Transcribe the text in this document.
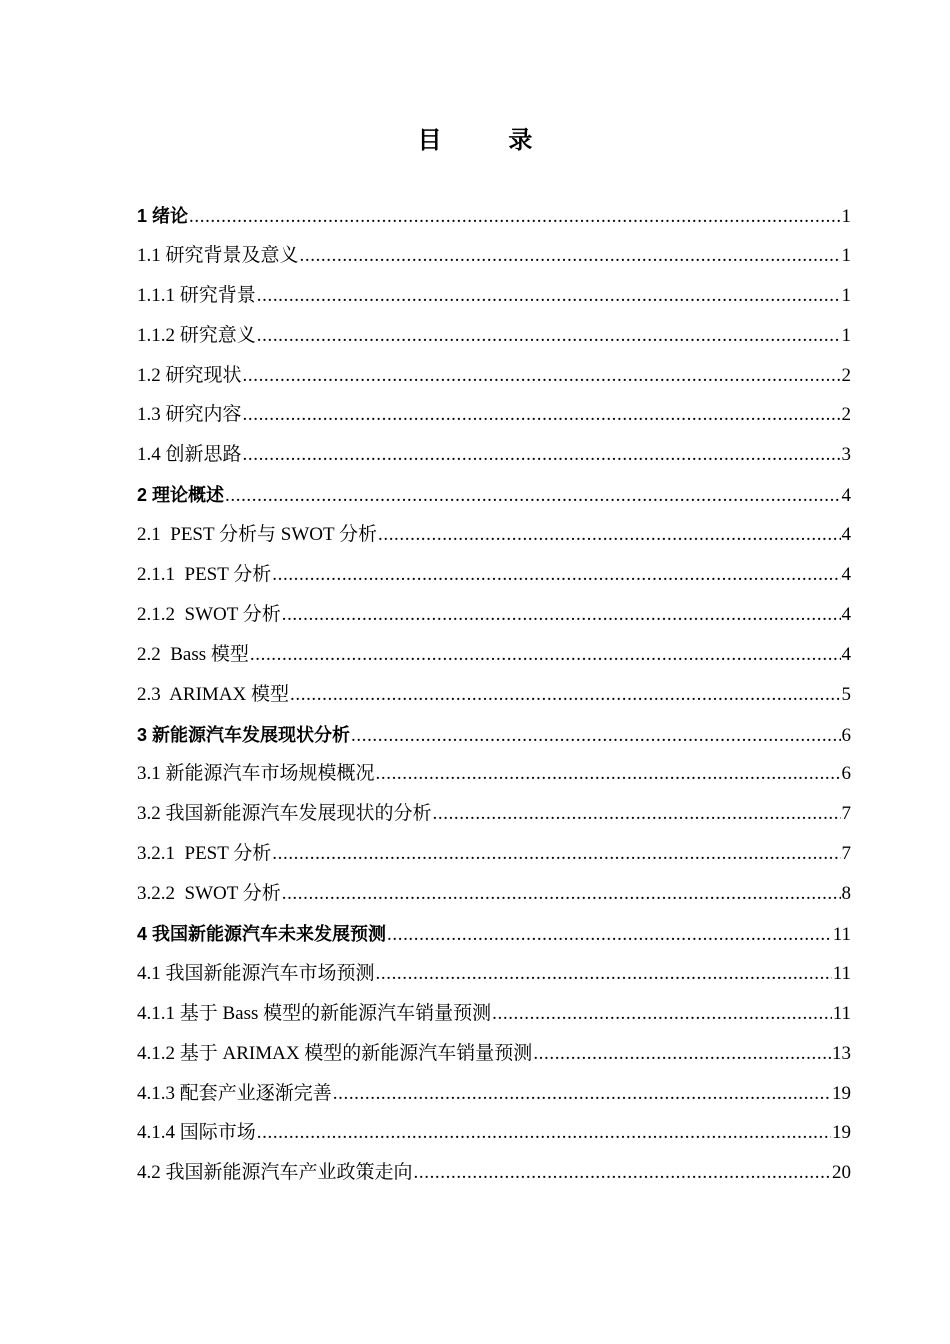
目 录
1 绪论 .....	1
1.1 研究背景及意义 .....	1
1.1.1 研究背景 .....	1
1.1.2 研究意义 .....	1
1.2 研究现状 .....	2
1.3 研究内容 .....	2
1.4 创新思路 .....	3
2 理论概述 .....	4
2.1  PEST 分析与 SWOT 分析 .....	4
2.1.1  PEST 分析 .....	4
2.1.2  SWOT 分析 .....	4
2.2  Bass 模型 .....	4
2.3  ARIMAX 模型 .....	5
3 新能源汽车发展现状分析 .....	6
3.1 新能源汽车市场规模概况 .....	6
3.2 我国新能源汽车发展现状的分析 .....	7
3.2.1  PEST 分析 .....	7
3.2.2  SWOT 分析 .....	8
4 我国新能源汽车未来发展预测 .....	11
4.1 我国新能源汽车市场预测 .....	11
4.1.1 基于 Bass 模型的新能源汽车销量预测 .....	11
4.1.2 基于 ARIMAX 模型的新能源汽车销量预测 .....	13
4.1.3 配套产业逐渐完善 .....	19
4.1.4 国际市场 .....	19
4.2 我国新能源汽车产业政策走向 .....	20
